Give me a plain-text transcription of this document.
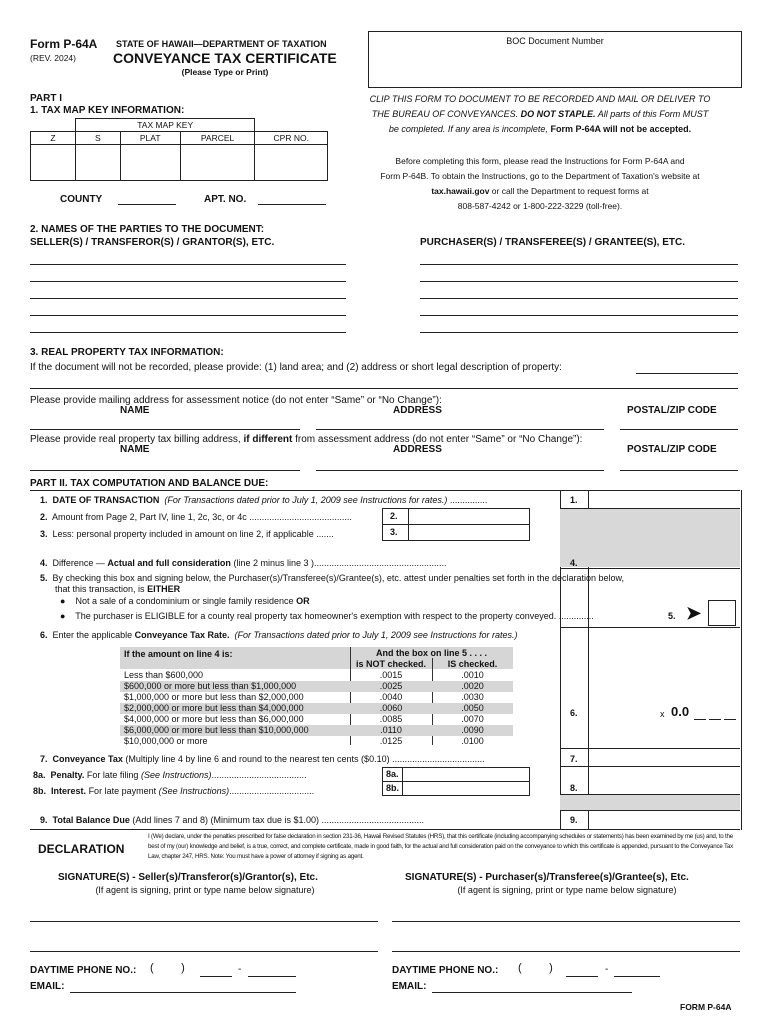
Form P-64A
(REV. 2024)
STATE OF HAWAII—DEPARTMENT OF TAXATION
CONVEYANCE TAX CERTIFICATE
(Please Type or Print)
BOC Document Number
PART I
1. TAX MAP KEY INFORMATION:
	TAX MAP KEY			
Z	S	PLAT	PARCEL	CPR NO.

COUNTY	APT. NO.
CLIP THIS FORM TO DOCUMENT TO BE RECORDED AND MAIL OR DELIVER TO
THE BUREAU OF CONVEYANCES. DO NOT STAPLE. All parts of this Form MUST
be completed. If any area is incomplete, Form P-64A will not be accepted.
Before completing this form, please read the Instructions for Form P-64A and
Form P-64B. To obtain the Instructions, go to the Department of Taxation's website at
tax.hawaii.gov or call the Department to request forms at
808-587-4242 or 1-800-222-3229 (toll-free).
2. NAMES OF THE PARTIES TO THE DOCUMENT:
SELLER(S) / TRANSFEROR(S) / GRANTOR(S), ETC.	PURCHASER(S) / TRANSFEREE(S) / GRANTEE(S), ETC.
3. REAL PROPERTY TAX INFORMATION:
If the document will not be recorded, please provide: (1) land area; and (2) address or short legal description of property:
Please provide mailing address for assessment notice (do not enter “Same” or “No Change”):
NAME	ADDRESS	POSTAL/ZIP CODE
Please provide real property tax billing address, if different from assessment address (do not enter “Same” or “No Change”):
NAME	ADDRESS	POSTAL/ZIP CODE
PART II. TAX COMPUTATION AND BALANCE DUE:
1. DATE OF TRANSACTION (For Transactions dated prior to July 1, 2009 see Instructions for rates.) ...............	1.
2. Amount from Page 2, Part IV, line 1, 2c, 3c, or 4c .........................................	2.
3. Less: personal property included in amount on line 2, if applicable .......	3.
4. Difference — Actual and full consideration (line 2 minus line 3 ).....................................................	4.
5. By checking this box and signing below, the Purchaser(s)/Transferee(s)/Grantee(s), etc. attest under penalties set forth in the declaration below,
that this transaction, is EITHER
● Not a sale of a condominium or single family residence OR
● The purchaser is ELIGIBLE for a county real property tax homeowner's exemption with respect to the property conveyed. ..............	5. ➤
6. Enter the applicable Conveyance Tax Rate. (For Transactions dated prior to July 1, 2009 see Instructions for rates.)
If the amount on line 4 is:	And the box on line 5 . . . .
is NOT checked.	IS checked.
Less than $600,000	.0015	.0010
$600,000 or more but less than $1,000,000	.0025	.0020
$1,000,000 or more but less than $2,000,000	.0040	.0030
$2,000,000 or more but less than $4,000,000	.0060	.0050
$4,000,000 or more but less than $6,000,000	.0085	.0070
$6,000,000 or more but less than $10,000,000	.0110	.0090
$10,000,000 or more	.0125	.0100
6.	x 0.0
7. Conveyance Tax (Multiply line 4 by line 6 and round to the nearest ten cents ($0.10) .....................................	7.
8a. Penalty. For late filing (See Instructions)......................................	8a.
8b. Interest. For late payment (See Instructions)..................................	8b.	8.
9. Total Balance Due (Add lines 7 and 8) (Minimum tax due is $1.00) .........................................	9.
DECLARATION
I (We) declare, under the penalties prescribed for false declaration in section 231-36, Hawaii Revised Statutes (HRS), that this certificate (including accompanying schedules or statements) has been examined by me (us) and, to the best of my (our) knowledge and belief, is a true, correct, and complete certificate, made in good faith, for the actual and full consideration paid on the conveyance to which this certificate is appended, pursuant to the Conveyance Tax Law, chapter 247, HRS. Note: You must have a power of attorney if signing as agent.
SIGNATURE(S) - Seller(s)/Transferor(s)/Grantor(s), Etc.
(If agent is signing, print or type name below signature)
SIGNATURE(S) - Purchaser(s)/Transferee(s)/Grantee(s), Etc.
(If agent is signing, print or type name below signature)
DAYTIME PHONE NO.: (         )	-
EMAIL:
DAYTIME PHONE NO.: (         )	-
EMAIL:
FORM P-64A
